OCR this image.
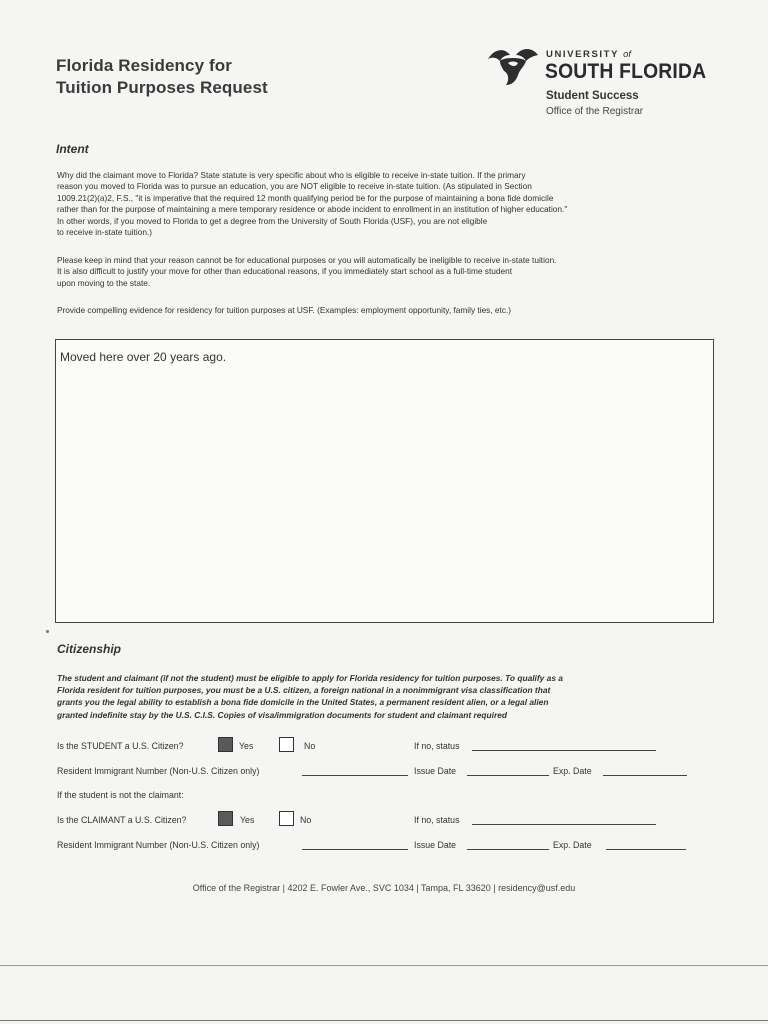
Florida Residency for
Tuition Purposes Request
UNIVERSITY of
SOUTH FLORIDA
Student Success
Office of the Registrar
Intent
Why did the claimant move to Florida? State statute is very specific about who is eligible to receive in-state tuition. If the primary
reason you moved to Florida was to pursue an education, you are NOT eligible to receive in-state tuition. (As stipulated in Section
1009.21(2)(a)2, F.S., "it is imperative that the required 12 month qualifying period be for the purpose of maintaining a bona fide domicile
rather than for the purpose of maintaining a mere temporary residence or abode incident to enrollment in an institution of higher education."
In other words, if you moved to Florida to get a degree from the University of South Florida (USF), you are not eligible
to receive in-state tuition.)
Please keep in mind that your reason cannot be for educational purposes or you will automatically be ineligible to receive in-state tuition.
It is also difficult to justify your move for other than educational reasons, if you immediately start school as a full-time student
upon moving to the state.
Provide compelling evidence for residency for tuition purposes at USF. (Examples: employment opportunity, family ties, etc.)
Moved here over 20 years ago.
Citizenship
The student and claimant (if not the student) must be eligible to apply for Florida residency for tuition purposes. To qualify as a
Florida resident for tuition purposes, you must be a U.S. citizen, a foreign national in a nonimmigrant visa classification that
grants you the legal ability to establish a bona fide domicile in the United States, a permanent resident alien, or a legal alien
granted indefinite stay by the U.S. C.I.S. Copies of visa/immigration documents for student and claimant required
Is the STUDENT a U.S. Citizen?	Yes	No	If no, status
Resident Immigrant Number (Non-U.S. Citizen only)	Issue Date	Exp. Date
If the student is not the claimant:
Is the CLAIMANT a U.S. Citizen?	Yes	No	If no, status
Resident Immigrant Number (Non-U.S. Citizen only)	Issue Date	Exp. Date
Office of the Registrar | 4202 E. Fowler Ave., SVC 1034 | Tampa, FL 33620 | residency@usf.edu
